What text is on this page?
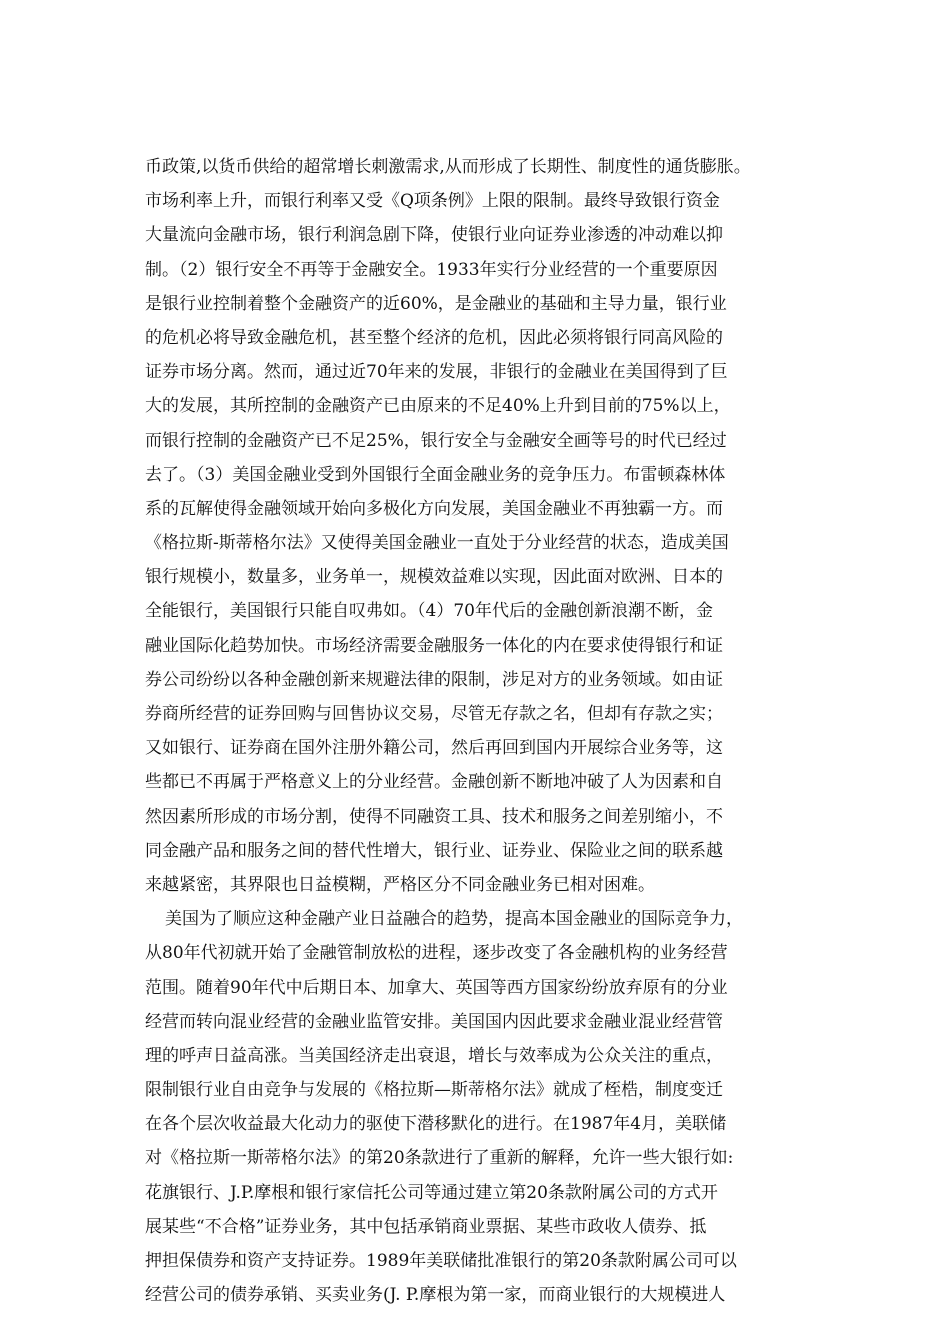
币政策,以货币供给的超常增长刺激需求,从而形成了长期性、制度性的通货膨胀。
市场利率上升，而银行利率又受《Q项条例》上限的限制。最终导致银行资金
大量流向金融市场，银行利润急剧下降，使银行业向证券业渗透的冲动难以抑
制。（2）银行安全不再等于金融安全。1933年实行分业经营的一个重要原因
是银行业控制着整个金融资产的近60%，是金融业的基础和主导力量，银行业
的危机必将导致金融危机，甚至整个经济的危机，因此必须将银行同高风险的
证券市场分离。然而，通过近70年来的发展，非银行的金融业在美国得到了巨
大的发展，其所控制的金融资产已由原来的不足40%上升到目前的75%以上，
而银行控制的金融资产已不足25%，银行安全与金融安全画等号的时代已经过
去了。（3）美国金融业受到外国银行全面金融业务的竞争压力。布雷顿森林体
系的瓦解使得金融领域开始向多极化方向发展，美国金融业不再独霸一方。而
《格拉斯-斯蒂格尔法》又使得美国金融业一直处于分业经营的状态，造成美国
银行规模小，数量多，业务单一，规模效益难以实现，因此面对欧洲、日本的
全能银行，美国银行只能自叹弗如。（4）70年代后的金融创新浪潮不断，金
融业国际化趋势加快。市场经济需要金融服务一体化的内在要求使得银行和证
券公司纷纷以各种金融创新来规避法律的限制，涉足对方的业务领域。如由证
券商所经营的证券回购与回售协议交易，尽管无存款之名，但却有存款之实；
又如银行、证券商在国外注册外籍公司，然后再回到国内开展综合业务等，这
些都已不再属于严格意义上的分业经营。金融创新不断地冲破了人为因素和自
然因素所形成的市场分割，使得不同融资工具、技术和服务之间差别缩小，不
同金融产品和服务之间的替代性增大，银行业、证券业、保险业之间的联系越
来越紧密，其界限也日益模糊，严格区分不同金融业务已相对困难。
美国为了顺应这种金融产业日益融合的趋势，提高本国金融业的国际竞争力，
从80年代初就开始了金融管制放松的进程，逐步改变了各金融机构的业务经营
范围。随着90年代中后期日本、加拿大、英国等西方国家纷纷放弃原有的分业
经营而转向混业经营的金融业监管安排。美国国内因此要求金融业混业经营管
理的呼声日益高涨。当美国经济走出衰退，增长与效率成为公众关注的重点，
限制银行业自由竞争与发展的《格拉斯—斯蒂格尔法》就成了桎梏，制度变迁
在各个层次收益最大化动力的驱使下潜移默化的进行。在1987年4月，美联储
对《格拉斯一斯蒂格尔法》的第20条款进行了重新的解释，允许一些大银行如:
花旗银行、J.P.摩根和银行家信托公司等通过建立第20条款附属公司的方式开
展某些“不合格”证券业务，其中包括承销商业票据、某些市政收人债券、抵
押担保债券和资产支持证券。1989年美联储批准银行的第20条款附属公司可以
经营公司的债券承销、买卖业务(J. P.摩根为第一家，而商业银行的大规模进人
